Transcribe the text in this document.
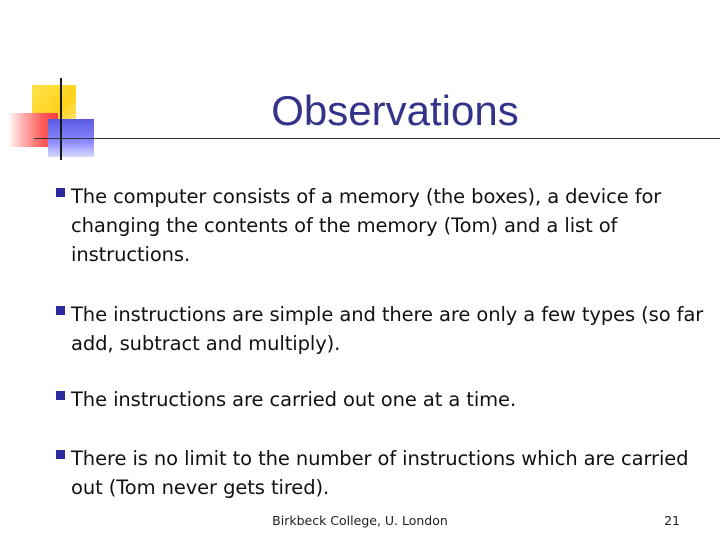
Observations
The computer consists of a memory (the boxes), a device for changing the contents of the memory (Tom) and a list of instructions.
The instructions are simple and there are only a few types (so far add, subtract and multiply).
The instructions are carried out one at a time.
There is no limit to the number of instructions which are carried out (Tom never gets tired).
Birkbeck College, U. London	21
